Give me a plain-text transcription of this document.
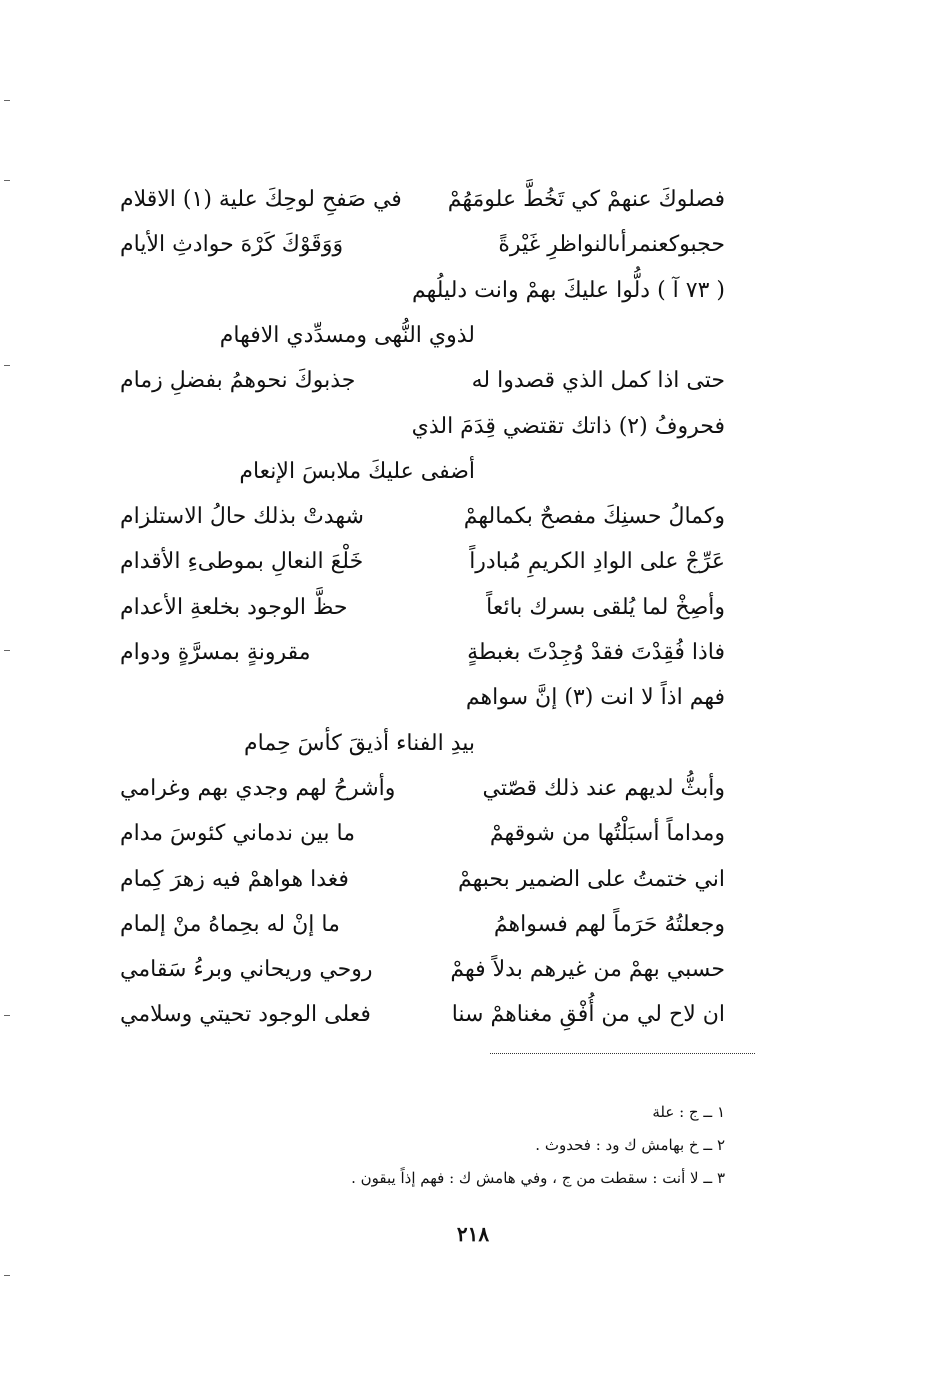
فصلوكَ عنهمْ كي تَخُطَّ علومَهُمْ
في صَفحِ لوحِكَ علية (١) الاقلام
حجبوكعنمرأىالنواظرِ غَيْرةً
وَوَقَوْكَ كَرْهَ حوادثِ الأيام
( ٧٣ آ ) دلُّوا عليكَ بهمْ وانت دليلُهم
لذوي النُّهى ومسدِّدي الافهام
حتى اذا كمل الذي قصدوا له
جذبوكَ نحوهمُ بفضلِ زمام
فحروفُ (٢) ذاتك تقتضي قِدَمَ الذي
أضفى عليكَ ملابسَ الإنعام
وكمالُ حسنِكَ مفصحٌ بكمالهمْ
شهدتْ بذلك حالُ الاستلزام
عَرِّجْ على الوادِ الكريمِ مُبادراً
خَلْعَ النعالِ بموطىءِ الأقدام
وأصِخْ لما يُلقى بسرك بائعاً
حظَّ الوجود بخلعةِ الأعدام
فاذا فُقِدْتَ فقدْ وُجِدْتَ بغبطةٍ
مقرونةٍ بمسرَّةٍ ودوام
فهم اذاً لا انت (٣) إنَّ سواهم
بيدِ الفناء أذيقَ كأسَ حِمام
وأبثُّ لديهم عند ذلك قصّتي
وأشرحُ لهم وجدي بهم وغرامي
ومداماً أسبَلْتُها من شوقهمْ
ما بين ندماني كئوسَ مدام
اني ختمتُ على الضمير بحبهمْ
فغدا هواهمْ فيه زهرَ كِمام
وجعلتُهُ حَرَماً لهم فسواهمُ
ما إنْ له بحِماهُ منْ إلمام
حسبي بهمْ من غيرهم بدلاً فهمْ
روحي وريحاني وبرءُ سَقامي
ان لاح لي من أُفْقِ مغناهمْ سنا
فعلى الوجود تحيتي وسلامي
١ ــ ج : علة
٢ ــ خ بهامش ك ود : فحدوث .
٣ ــ لا أنت : سقطت من ج ، وفي هامش ك : فهم إذاً يبقون .
٢١٨
